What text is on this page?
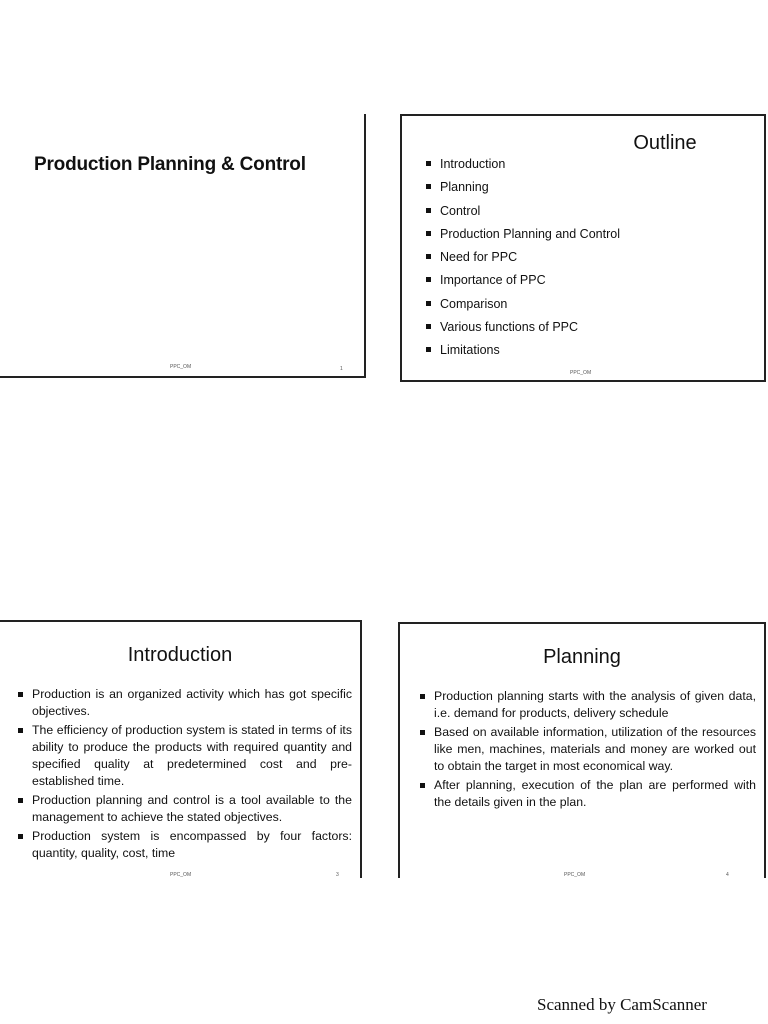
Production Planning & Control
PPC_OM	1
Outline
Introduction
Planning
Control
Production Planning and Control
Need for PPC
Importance of PPC
Comparison
Various functions of PPC
Limitations
PPC_OM
Introduction
Production is an organized activity which has got specific objectives.
The efficiency of production system is stated in terms of its ability to produce the products with required quantity and specified quality at predetermined cost and pre-established time.
Production planning and control is a tool available to the management to achieve the stated objectives.
Production system is encompassed by four factors: quantity, quality, cost, time
PPC_OM	3
Planning
Production planning starts with the analysis of given data, i.e. demand for products, delivery schedule
Based on available information, utilization of the resources like men, machines, materials and money are worked out to obtain the target in most economical way.
After planning, execution of the plan are performed with the details given in the plan.
PPC_OM	4
Scanned by CamScanner
